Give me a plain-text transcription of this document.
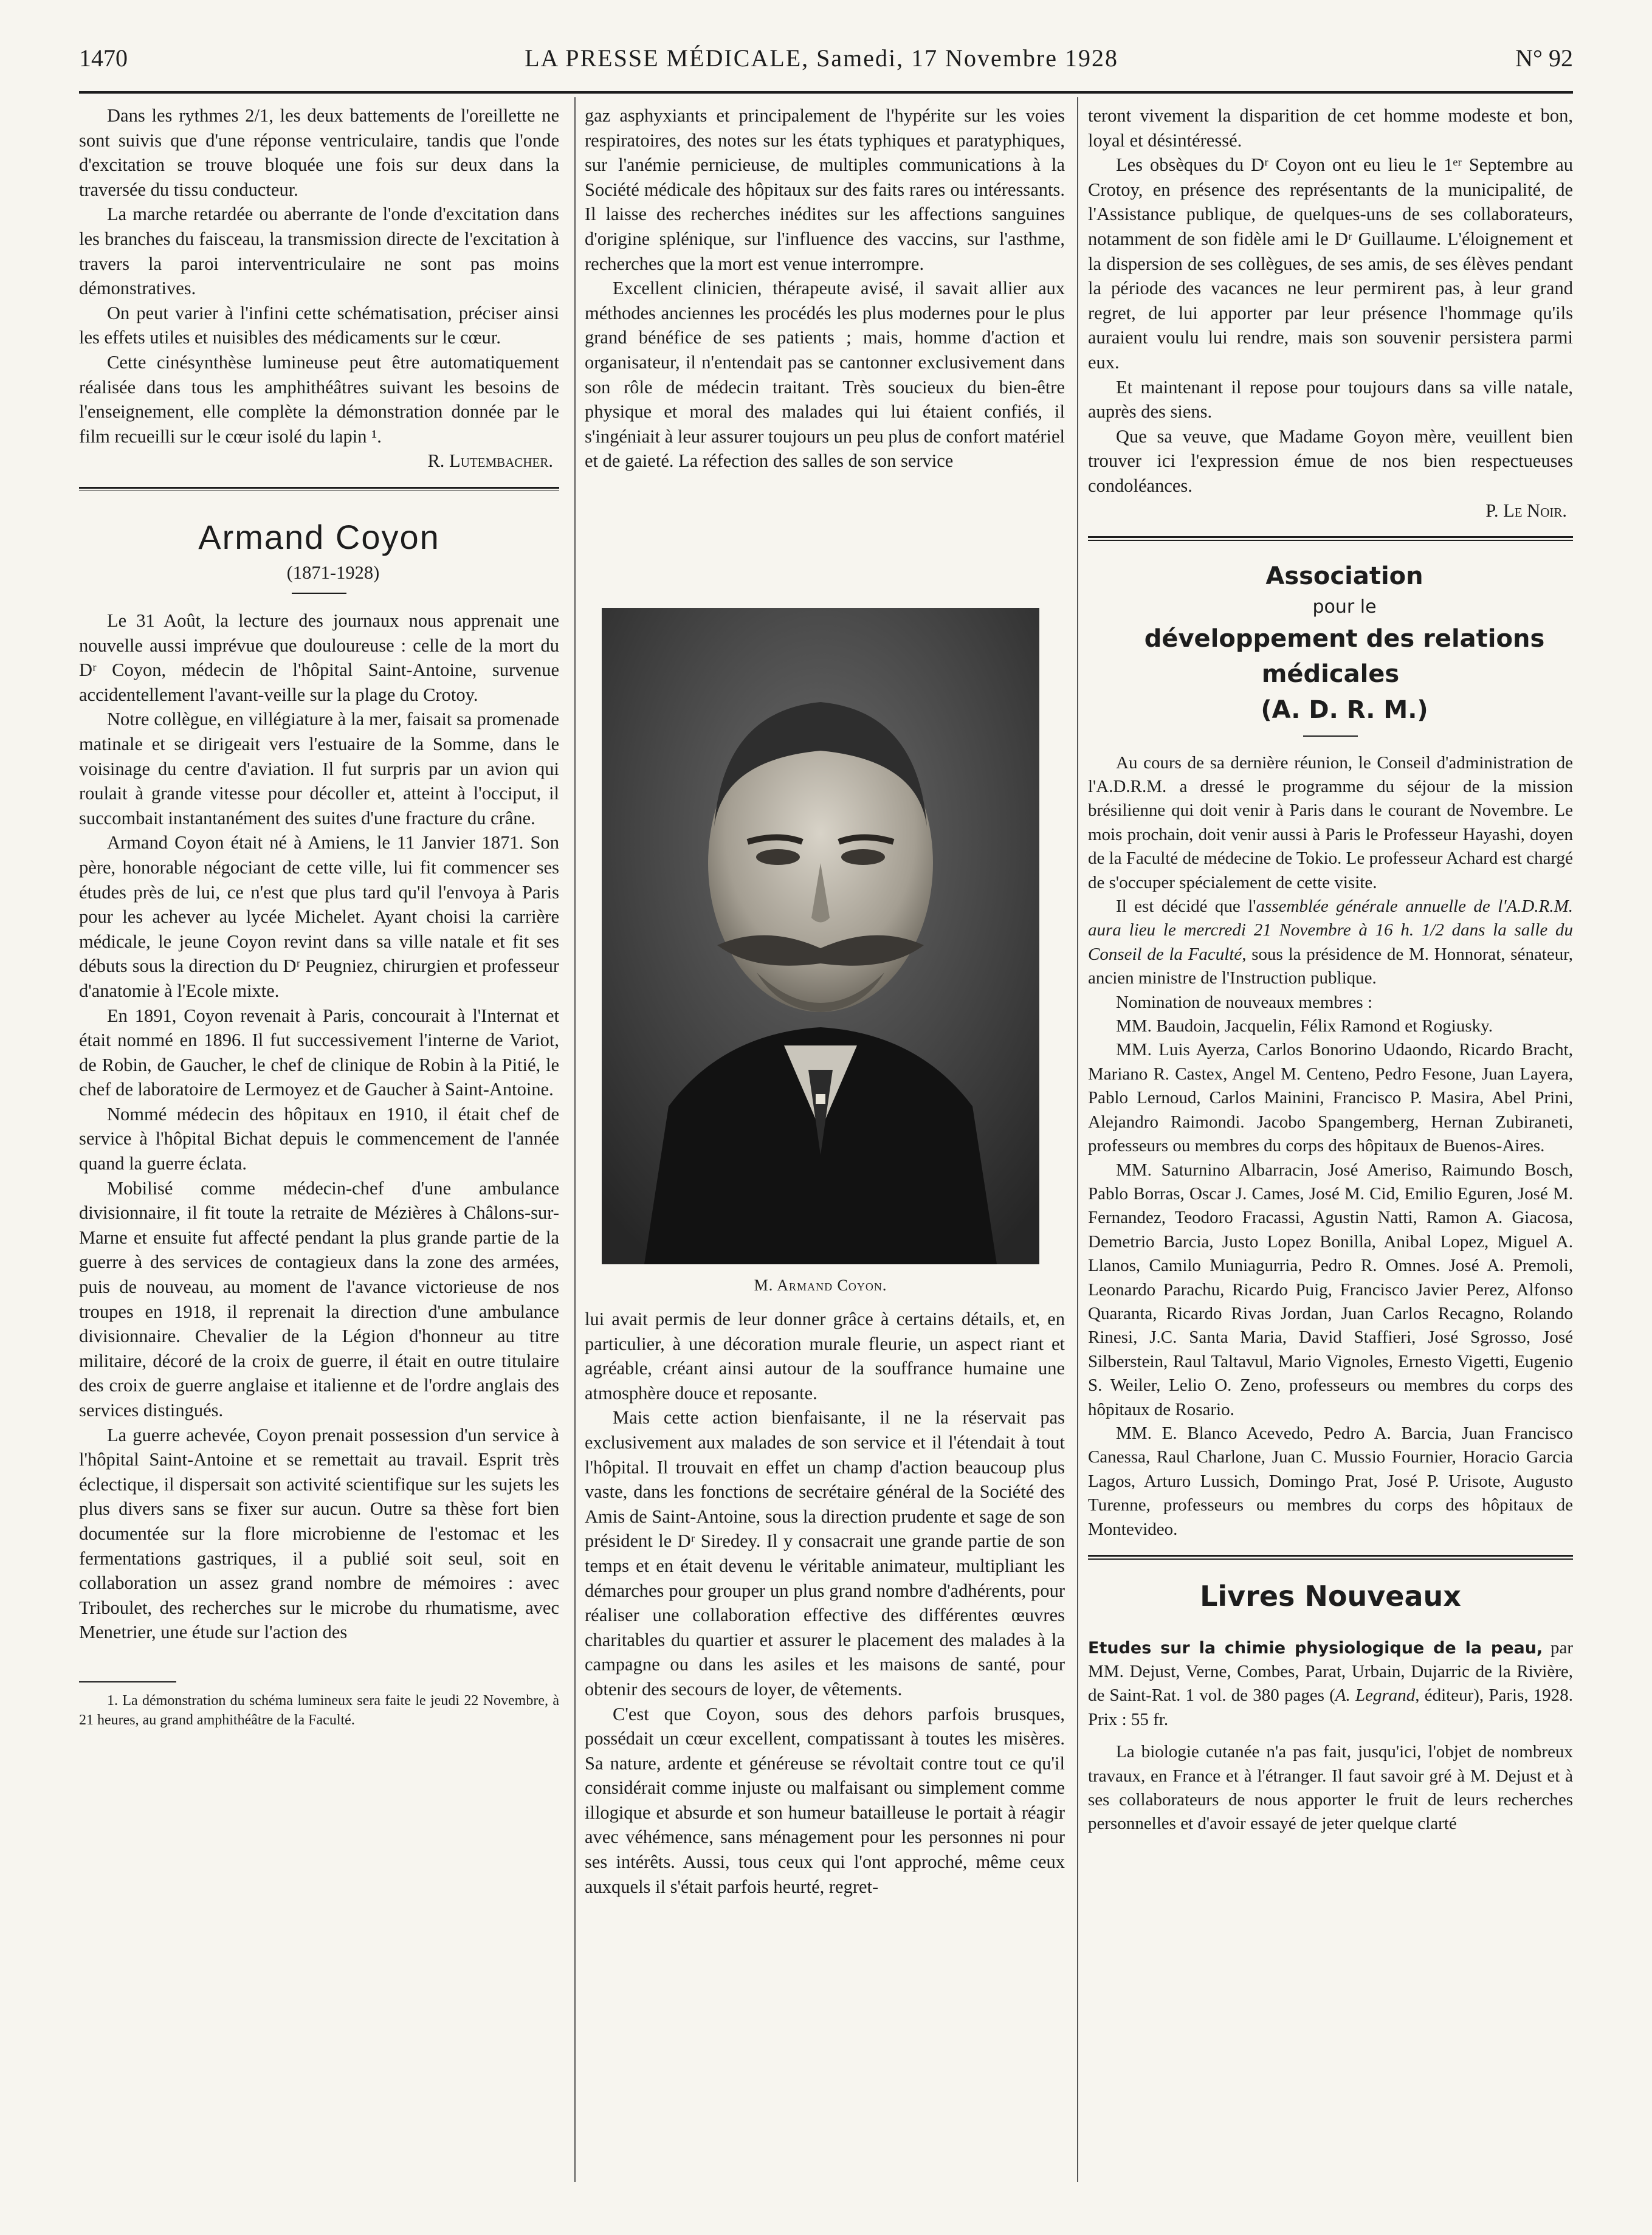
1470	LA PRESSE MÉDICALE, Samedi, 17 Novembre 1928	N° 92

Dans les rythmes 2/1, les deux battements de l'oreillette ne sont suivis que d'une réponse ventriculaire, tandis que l'onde d'excitation se trouve bloquée une fois sur deux dans la traversée du tissu conducteur.

La marche retardée ou aberrante de l'onde d'excitation dans les branches du faisceau, la transmission directe de l'excitation à travers la paroi interventriculaire ne sont pas moins démonstratives.

On peut varier à l'infini cette schématisation, préciser ainsi les effets utiles et nuisibles des médicaments sur le cœur.

Cette cinésynthèse lumineuse peut être automatiquement réalisée dans tous les amphithéâtres suivant les besoins de l'enseignement, elle complète la démonstration donnée par le film recueilli sur le cœur isolé du lapin ¹.

R. Lutembacher.

Armand Coyon

(1871-1928)

Le 31 Août, la lecture des journaux nous apprenait une nouvelle aussi imprévue que douloureuse : celle de la mort du Dʳ Coyon, médecin de l'hôpital Saint-Antoine, survenue accidentellement l'avant-veille sur la plage du Crotoy.

Notre collègue, en villégiature à la mer, faisait sa promenade matinale et se dirigeait vers l'estuaire de la Somme, dans le voisinage du centre d'aviation. Il fut surpris par un avion qui roulait à grande vitesse pour décoller et, atteint à l'occiput, il succombait instantanément des suites d'une fracture du crâne.

Armand Coyon était né à Amiens, le 11 Janvier 1871. Son père, honorable négociant de cette ville, lui fit commencer ses études près de lui, ce n'est que plus tard qu'il l'envoya à Paris pour les achever au lycée Michelet. Ayant choisi la carrière médicale, le jeune Coyon revint dans sa ville natale et fit ses débuts sous la direction du Dʳ Peugniez, chirurgien et professeur d'anatomie à l'Ecole mixte.

En 1891, Coyon revenait à Paris, concourait à l'Internat et était nommé en 1896. Il fut successivement l'interne de Variot, de Robin, de Gaucher, le chef de clinique de Robin à la Pitié, le chef de laboratoire de Lermoyez et de Gaucher à Saint-Antoine.

Nommé médecin des hôpitaux en 1910, il était chef de service à l'hôpital Bichat depuis le commencement de l'année quand la guerre éclata.

Mobilisé comme médecin-chef d'une ambulance divisionnaire, il fit toute la retraite de Mézières à Châlons-sur-Marne et ensuite fut affecté pendant la plus grande partie de la guerre à des services de contagieux dans la zone des armées, puis de nouveau, au moment de l'avance victorieuse de nos troupes en 1918, il reprenait la direction d'une ambulance divisionnaire. Chevalier de la Légion d'honneur au titre militaire, décoré de la croix de guerre, il était en outre titulaire des croix de guerre anglaise et italienne et de l'ordre anglais des services distingués.

La guerre achevée, Coyon prenait possession d'un service à l'hôpital Saint-Antoine et se remettait au travail. Esprit très éclectique, il dispersait son activité scientifique sur les sujets les plus divers sans se fixer sur aucun. Outre sa thèse fort bien documentée sur la flore microbienne de l'estomac et les fermentations gastriques, il a publié soit seul, soit en collaboration un assez grand nombre de mémoires : avec Triboulet, des recherches sur le microbe du rhumatisme, avec Menetrier, une étude sur l'action des

1. La démonstration du schéma lumineux sera faite le jeudi 22 Novembre, à 21 heures, au grand amphithéâtre de la Faculté.

gaz asphyxiants et principalement de l'hypérite sur les voies respiratoires, des notes sur les états typhiques et paratyphiques, sur l'anémie pernicieuse, de multiples communications à la Société médicale des hôpitaux sur des faits rares ou intéressants. Il laisse des recherches inédites sur les affections sanguines d'origine splénique, sur l'influence des vaccins, sur l'asthme, recherches que la mort est venue interrompre.

Excellent clinicien, thérapeute avisé, il savait allier aux méthodes anciennes les procédés les plus modernes pour le plus grand bénéfice de ses patients ; mais, homme d'action et organisateur, il n'entendait pas se cantonner exclusivement dans son rôle de médecin traitant. Très soucieux du bien-être physique et moral des malades qui lui étaient confiés, il s'ingéniait à leur assurer toujours un peu plus de confort matériel et de gaieté. La réfection des salles de son service

M. Armand Coyon.

lui avait permis de leur donner grâce à certains détails, et, en particulier, à une décoration murale fleurie, un aspect riant et agréable, créant ainsi autour de la souffrance humaine une atmosphère douce et reposante.

Mais cette action bienfaisante, il ne la réservait pas exclusivement aux malades de son service et il l'étendait à tout l'hôpital. Il trouvait en effet un champ d'action beaucoup plus vaste, dans les fonctions de secrétaire général de la Société des Amis de Saint-Antoine, sous la direction prudente et sage de son président le Dʳ Siredey. Il y consacrait une grande partie de son temps et en était devenu le véritable animateur, multipliant les démarches pour grouper un plus grand nombre d'adhérents, pour réaliser une collaboration effective des différentes œuvres charitables du quartier et assurer le placement des malades à la campagne ou dans les asiles et les maisons de santé, pour obtenir des secours de loyer, de vêtements.

C'est que Coyon, sous des dehors parfois brusques, possédait un cœur excellent, compatissant à toutes les misères. Sa nature, ardente et généreuse se révoltait contre tout ce qu'il considérait comme injuste ou malfaisant ou simplement comme illogique et absurde et son humeur batailleuse le portait à réagir avec véhémence, sans ménagement pour les personnes ni pour ses intérêts. Aussi, tous ceux qui l'ont approché, même ceux auxquels il s'était parfois heurté, regret-

teront vivement la disparition de cet homme modeste et bon, loyal et désintéressé.

Les obsèques du Dʳ Coyon ont eu lieu le 1ᵉʳ Septembre au Crotoy, en présence des représentants de la municipalité, de l'Assistance publique, de quelques-uns de ses collaborateurs, notamment de son fidèle ami le Dʳ Guillaume. L'éloignement et la dispersion de ses collègues, de ses amis, de ses élèves pendant la période des vacances ne leur permirent pas, à leur grand regret, de lui apporter par leur présence l'hommage qu'ils auraient voulu lui rendre, mais son souvenir persistera parmi eux.

Et maintenant il repose pour toujours dans sa ville natale, auprès des siens.

Que sa veuve, que Madame Goyon mère, veuillent bien trouver ici l'expression émue de nos bien respectueuses condoléances.

P. Le Noir.

Association

pour le

développement des relations médicales

(A. D. R. M.)

Au cours de sa dernière réunion, le Conseil d'administration de l'A.D.R.M. a dressé le programme du séjour de la mission brésilienne qui doit venir à Paris dans le courant de Novembre. Le mois prochain, doit venir aussi à Paris le Professeur Hayashi, doyen de la Faculté de médecine de Tokio. Le professeur Achard est chargé de s'occuper spécialement de cette visite.

Il est décidé que l'assemblée générale annuelle de l'A.D.R.M. aura lieu le mercredi 21 Novembre à 16 h. 1/2 dans la salle du Conseil de la Faculté, sous la présidence de M. Honnorat, sénateur, ancien ministre de l'Instruction publique.

Nomination de nouveaux membres :

MM. Baudoin, Jacquelin, Félix Ramond et Rogiusky.

MM. Luis Ayerza, Carlos Bonorino Udaondo, Ricardo Bracht, Mariano R. Castex, Angel M. Centeno, Pedro Fesone, Juan Layera, Pablo Lernoud, Carlos Mainini, Francisco P. Masira, Abel Prini, Alejandro Raimondi. Jacobo Spangemberg, Hernan Zubiraneti, professeurs ou membres du corps des hôpitaux de Buenos-Aires.

MM. Saturnino Albarracin, José Ameriso, Raimundo Bosch, Pablo Borras, Oscar J. Cames, José M. Cid, Emilio Eguren, José M. Fernandez, Teodoro Fracassi, Agustin Natti, Ramon A. Giacosa, Demetrio Barcia, Justo Lopez Bonilla, Anibal Lopez, Miguel A. Llanos, Camilo Muniagurria, Pedro R. Omnes. José A. Premoli, Leonardo Parachu, Ricardo Puig, Francisco Javier Perez, Alfonso Quaranta, Ricardo Rivas Jordan, Juan Carlos Recagno, Rolando Rinesi, J.C. Santa Maria, David Staffieri, José Sgrosso, José Silberstein, Raul Taltavul, Mario Vignoles, Ernesto Vigetti, Eugenio S. Weiler, Lelio O. Zeno, professeurs ou membres du corps des hôpitaux de Rosario.

MM. E. Blanco Acevedo, Pedro A. Barcia, Juan Francisco Canessa, Raul Charlone, Juan C. Mussio Fournier, Horacio Garcia Lagos, Arturo Lussich, Domingo Prat, José P. Urisote, Augusto Turenne, professeurs ou membres du corps des hôpitaux de Montevideo.

Livres Nouveaux

Etudes sur la chimie physiologique de la peau, par MM. Dejust, Verne, Combes, Parat, Urbain, Dujarric de la Rivière, de Saint-Rat. 1 vol. de 380 pages (A. Legrand, éditeur), Paris, 1928. Prix : 55 fr.

La biologie cutanée n'a pas fait, jusqu'ici, l'objet de nombreux travaux, en France et à l'étranger. Il faut savoir gré à M. Dejust et à ses collaborateurs de nous apporter le fruit de leurs recherches personnelles et d'avoir essayé de jeter quelque clarté
